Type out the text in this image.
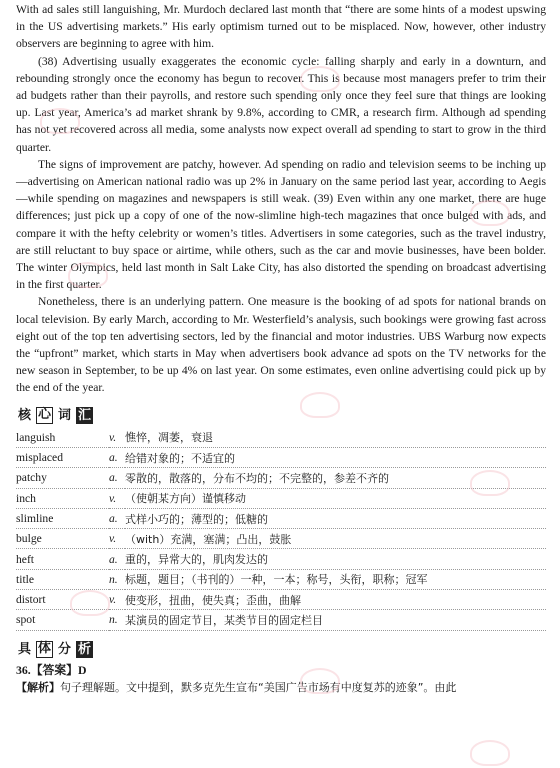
With ad sales still languishing, Mr. Murdoch declared last month that “there are some hints of a modest upswing in the US advertising markets.” His early optimism turned out to be misplaced. Now, however, other industry observers are beginning to agree with him.

(38) Advertising usually exaggerates the economic cycle: falling sharply and early in a downturn, and rebounding strongly once the economy has begun to recover. This is because most managers prefer to trim their ad budgets rather than their payrolls, and restore such spending only once they feel sure that things are looking up. Last year, America’s ad market shrank by 9.8%, according to CMR, a research firm. Although ad spending has not yet recovered across all media, some analysts now expect overall ad spending to start to grow in the third quarter.

The signs of improvement are patchy, however. Ad spending on radio and television seems to be inching up—advertising on American national radio was up 2% in January on the same period last year, according to Aegis—while spending on magazines and newspapers is still weak. (39) Even within any one market, there are huge differences; just pick up a copy of one of the now-slimline high-tech magazines that once bulged with ads, and compare it with the hefty celebrity or women’s titles. Advertisers in some categories, such as the travel industry, are still reluctant to buy space or airtime, while others, such as the car and movie businesses, have been bolder. The winter Olympics, held last month in Salt Lake City, has also distorted the spending on broadcast advertising in the first quarter.

Nonetheless, there is an underlying pattern. One measure is the booking of ad spots for national brands on local television. By early March, according to Mr. Westerfield’s analysis, such bookings were growing fast across eight out of the top ten advertising sectors, led by the financial and motor industries. UBS Warburg now expects the “upfront” market, which starts in May when advertisers book advance ad spots on the TV networks for the new season in September, to be up 4% on last year. On some estimates, even online advertising could pick up by the end of the year.

核 心 词 汇
languish	v.	憔悴，凋萎，衰退
misplaced	a.	给错对象的；不适宜的
patchy	a.	零散的，散落的，分布不均的；不完整的，参差不齐的
inch	v.	（使朝某方向）谨慎移动
slimline	a.	式样小巧的；薄型的；低糖的
bulge	v.	（with）充满，塞满；凸出，鼓胀
heft	a.	重的，异常大的，肌肉发达的
title	n.	标题，题目；（书刊的）一种，一本；称号，头衔，职称；冠军
distort	v.	使变形，扭曲，使失真；歪曲，曲解
spot	n.	某演员的固定节目，某类节目的固定栏目
具 体 分 析
36.【答案】D

【解析】句子理解题。文中提到，默多克先生宣布“美国广告市场有中度复苏的迹象”。由此
